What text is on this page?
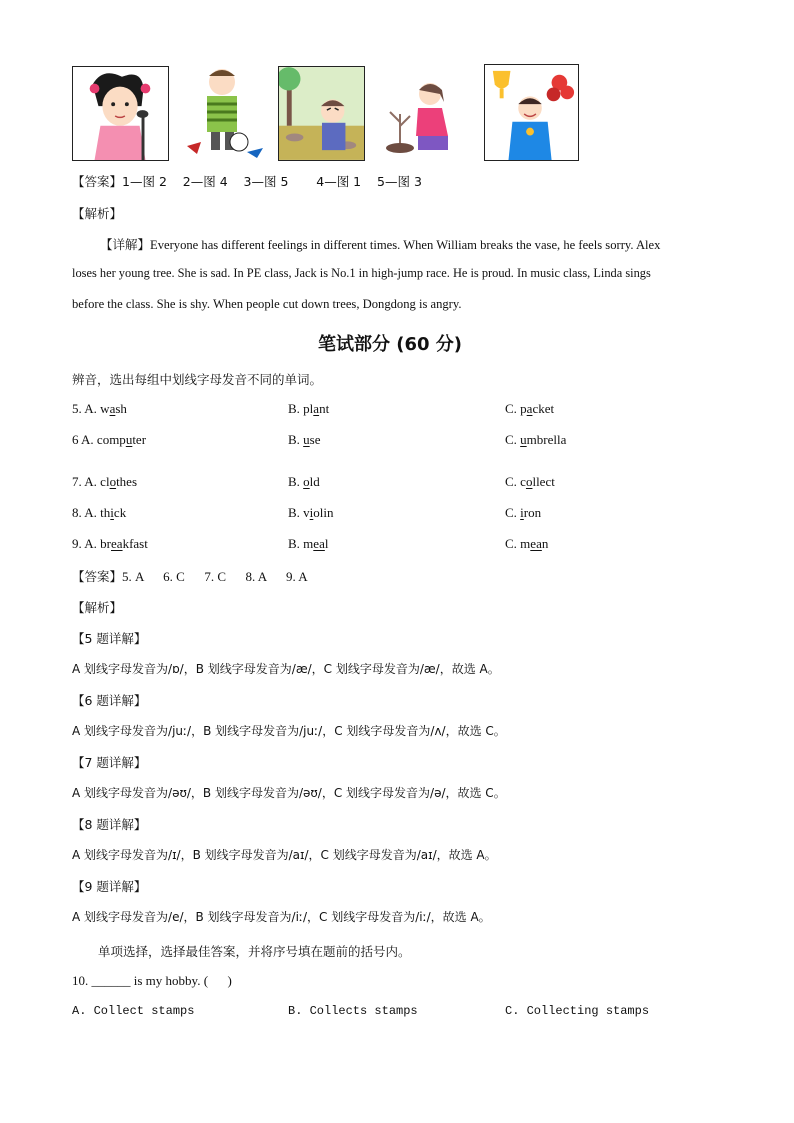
【答案】1—图 2    2—图 4    3—图 5       4—图 1    5—图 3
【解析】
【详解】Everyone has different feelings in different times. When William breaks the vase, he feels sorry. Alex
loses her young tree. She is sad. In PE class, Jack is No.1 in high-jump race. He is proud. In music class, Linda sings
before the class. She is shy. When people cut down trees, Dongdong is angry.
笔试部分 (60 分)
辨音，选出每组中划线字母发音不同的单词。
5. A. wash	B. plant	C. packet
6 A. computer	B. use	C. umbrella
7. A. clothes	B. old	C. collect
8. A. thick	B. violin	C. iron
9. A. breakfast	B. meal	C. mean
【答案】5. A      6. C      7. C      8. A      9. A
【解析】
【5 题详解】
A 划线字母发音为/ɒ/，B 划线字母发音为/æ/，C 划线字母发音为/æ/，故选 A。
【6 题详解】
A 划线字母发音为/juː/，B 划线字母发音为/juː/，C 划线字母发音为/ʌ/，故选 C。
【7 题详解】
A 划线字母发音为/əʊ/，B 划线字母发音为/əʊ/，C 划线字母发音为/ə/，故选 C。
【8 题详解】
A 划线字母发音为/ɪ/，B 划线字母发音为/aɪ/，C 划线字母发音为/aɪ/，故选 A。
【9 题详解】
A 划线字母发音为/e/，B 划线字母发音为/iː/，C 划线字母发音为/iː/，故选 A。
单项选择，选择最佳答案，并将序号填在题前的括号内。
10. ______ is my hobby. (      )
A. Collect stamps	B. Collects stamps	C. Collecting stamps
